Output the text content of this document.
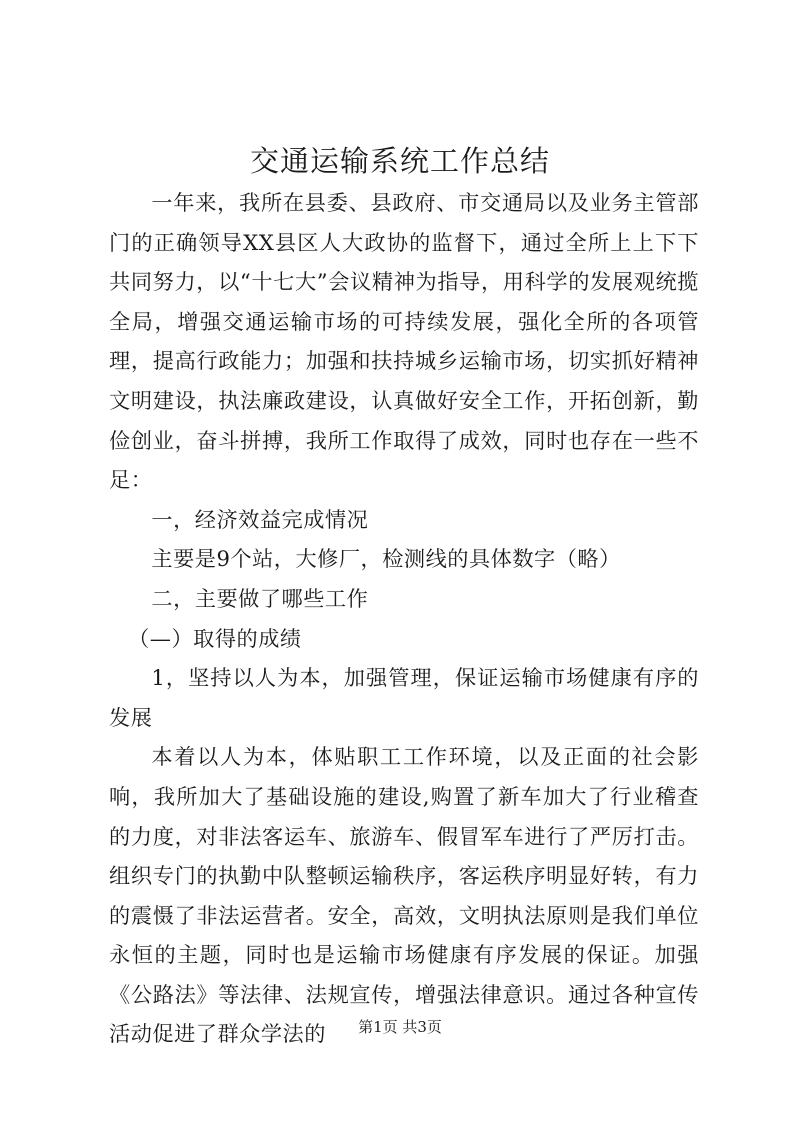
交通运输系统工作总结

一年来，我所在县委、县政府、市交通局以及业务主管部门的正确领导XX县区人大政协的监督下，通过全所上上下下共同努力，以“十七大”会议精神为指导，用科学的发展观统揽全局，增强交通运输市场的可持续发展，强化全所的各项管理，提高行政能力；加强和扶持城乡运输市场，切实抓好精神文明建设，执法廉政建设，认真做好安全工作，开拓创新，勤俭创业，奋斗拼搏，我所工作取得了成效，同时也存在一些不足：

一，经济效益完成情况

主要是9个站，大修厂，检测线的具体数字（略）

二，主要做了哪些工作

（—）取得的成绩

1，坚持以人为本，加强管理，保证运输市场健康有序的发展

本着以人为本，体贴职工工作环境，以及正面的社会影响，我所加大了基础设施的建设,购置了新车加大了行业稽查的力度，对非法客运车、旅游车、假冒军车进行了严厉打击。组织专门的执勤中队整顿运输秩序，客运秩序明显好转，有力的震慑了非法运营者。安全，高效，文明执法原则是我们单位永恒的主题，同时也是运输市场健康有序发展的保证。加强《公路法》等法律、法规宣传，增强法律意识。通过各种宣传活动促进了群众学法的	第1页 共3页
